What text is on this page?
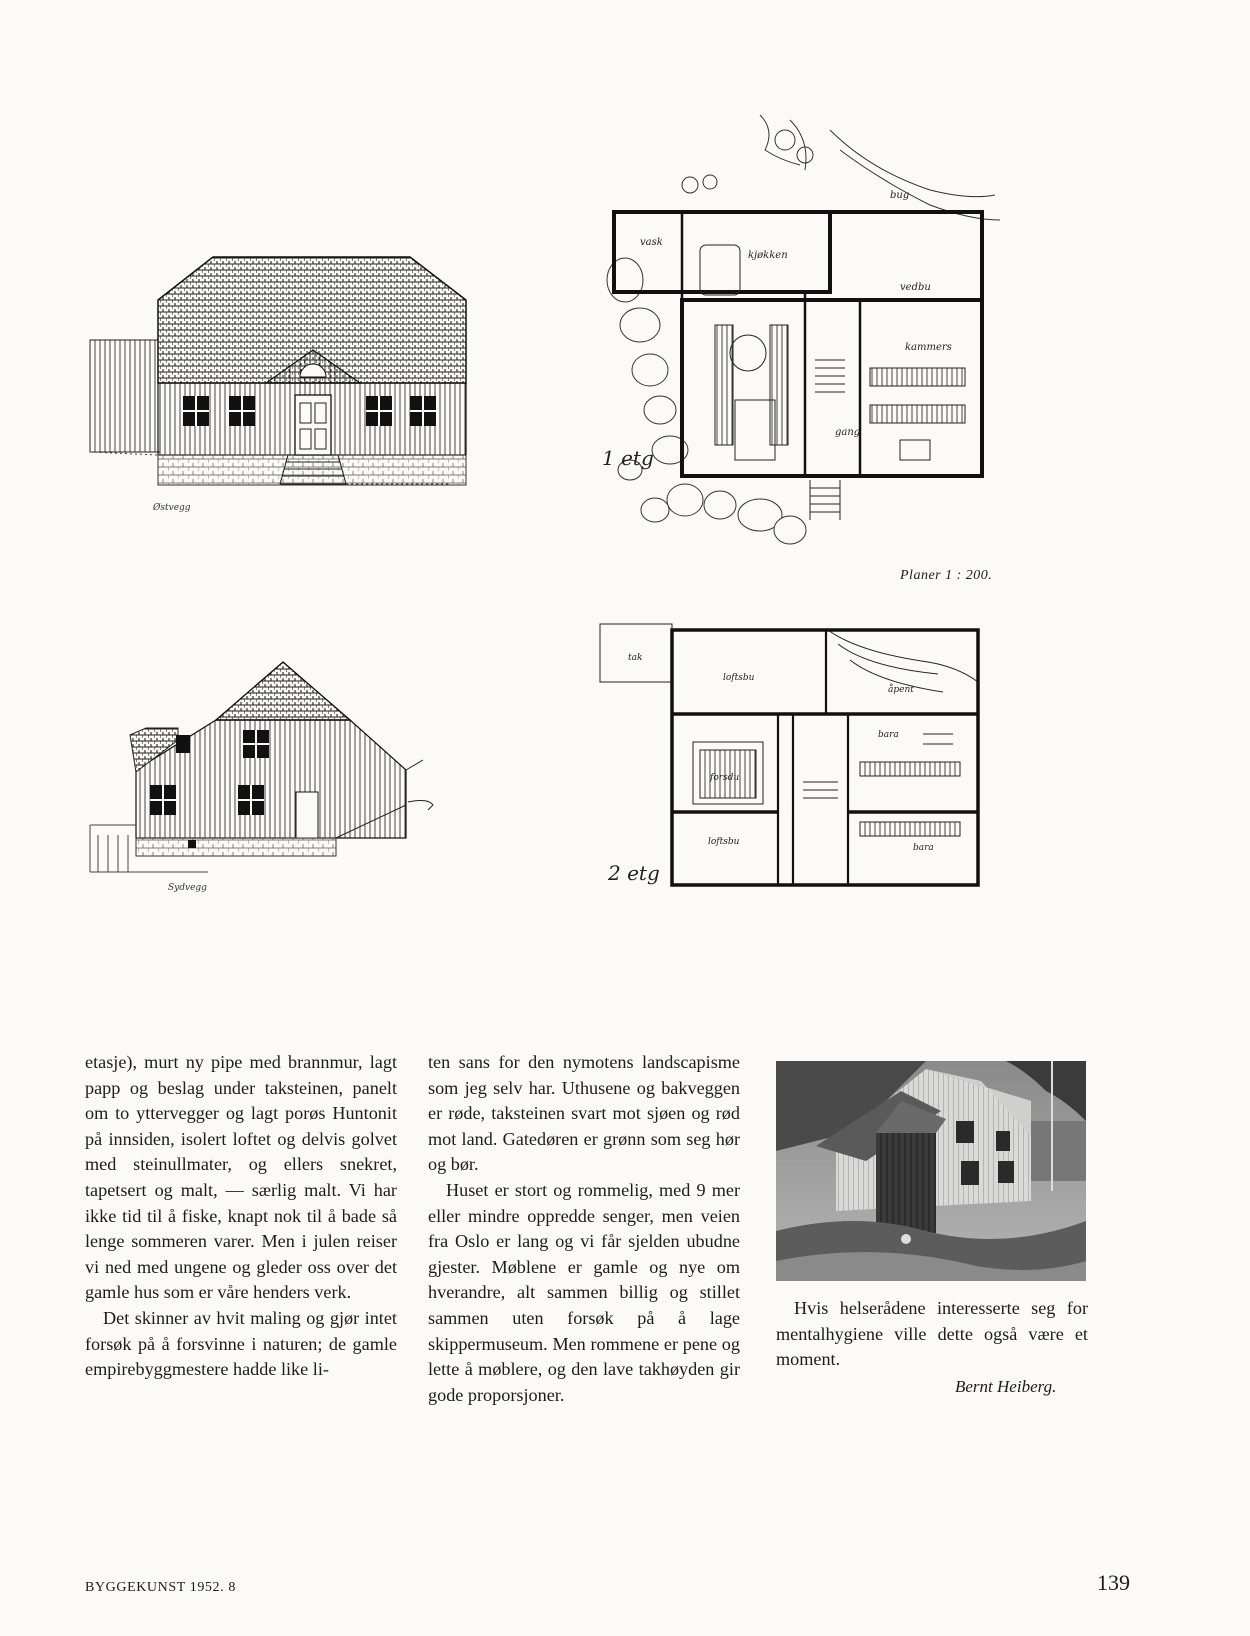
Østvegg
Sydvegg
vask
kjøkken
vedbu
kammers
gang
bug
1 etg
Planer 1 : 200.
tak
loftsbu
åpent
bara
loftsbu
bara
forsdu
2 etg

etasje), murt ny pipe med brannmur, lagt papp og beslag under taksteinen, panelt om to yttervegger og lagt porøs Huntonit på innsiden, isolert loftet og delvis golvet med steinullmater, og ellers snekret, tapetsert og malt, — særlig malt. Vi har ikke tid til å fiske, knapt nok til å bade så lenge sommeren varer. Men i julen reiser vi ned med ungene og gleder oss over det gamle hus som er våre henders verk.

Det skinner av hvit maling og gjør intet forsøk på å forsvinne i naturen; de gamle empirebyggmestere hadde like li-

ten sans for den nymotens landscapisme som jeg selv har. Uthusene og bakveggen er røde, taksteinen svart mot sjøen og rød mot land. Gatedøren er grønn som seg hør og bør.

Huset er stort og rommelig, med 9 mer eller mindre oppredde senger, men veien fra Oslo er lang og vi får sjelden ubudne gjester. Møblene er gamle og nye om hverandre, alt sammen billig og stillet sammen uten forsøk på å lage skippermuseum. Men rommene er pene og lette å møblere, og den lave takhøyden gir gode proporsjoner.

Hvis helserådene interesserte seg for mentalhygiene ville dette også være et moment.

Bernt Heiberg.
BYGGEKUNST 1952. 8	139
